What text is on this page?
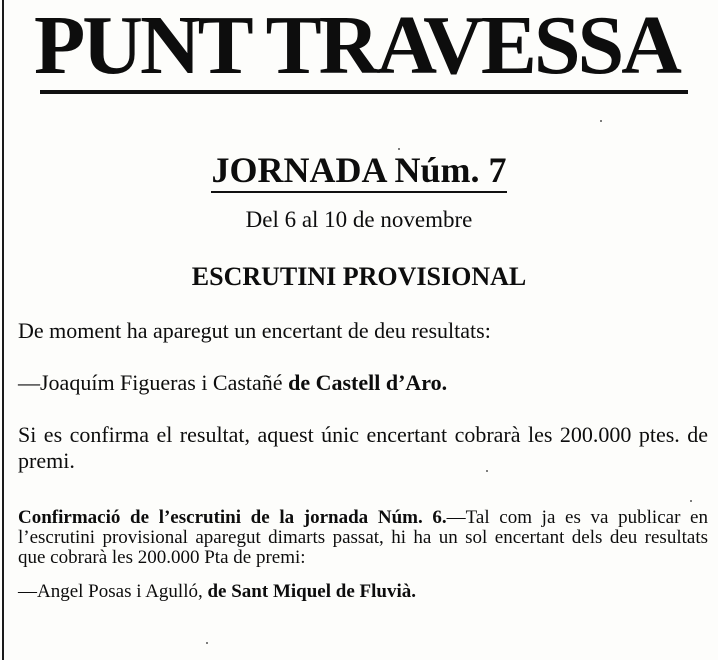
PUNT TRAVESSA
JORNADA Núm. 7
Del 6 al 10 de novembre
ESCRUTINI PROVISIONAL
De moment ha aparegut un encertant de deu resultats:
—Joaquím Figueras i Castañé de Castell d’Aro.
Si es confirma el resultat, aquest únic encertant cobrarà les 200.000 ptes. de premi.
Confirmació de l’escrutini de la jornada Núm. 6.—Tal com ja es va publicar en l’escrutini provisional aparegut dimarts passat, hi ha un sol encertant dels deu resultats que cobrarà les 200.000 Pta de premi:
—Angel Posas i Agulló, de Sant Miquel de Fluvià.
